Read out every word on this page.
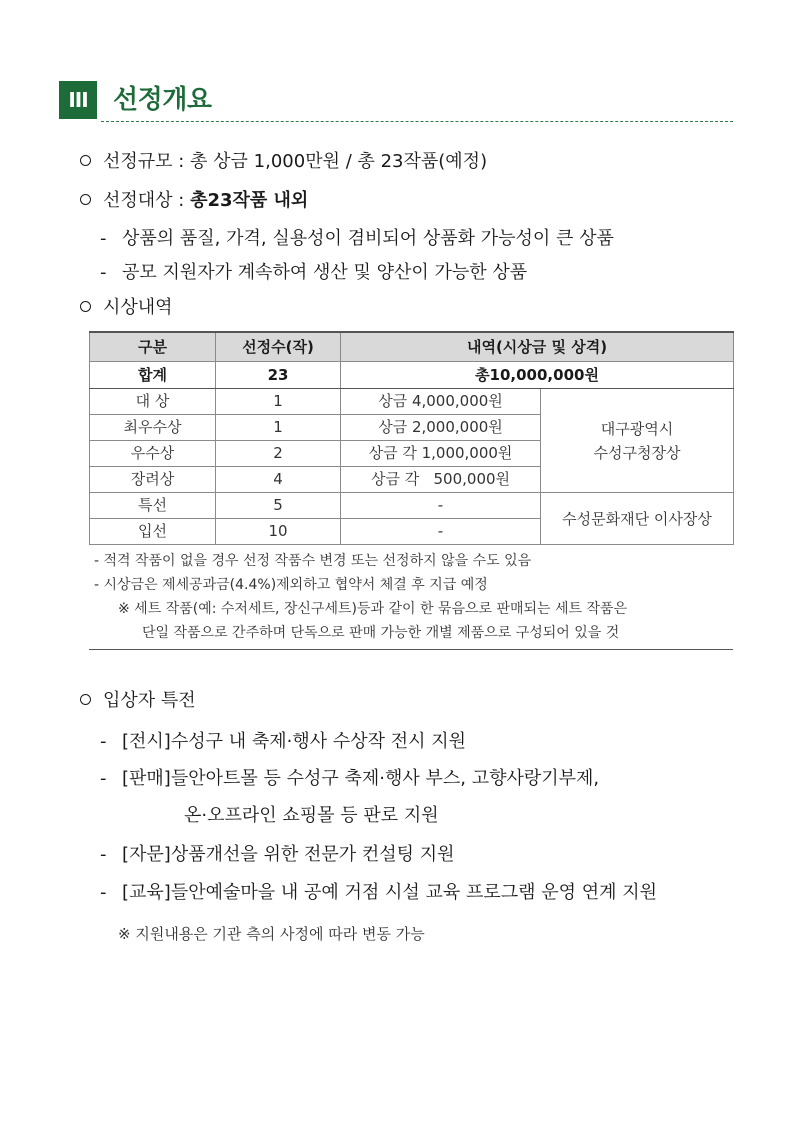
III 선정개요
선정규모 : 총 상금 1,000만원 / 총 23작품(예정)
선정대상 : 총23작품 내외
- 상품의 품질, 가격, 실용성이 겸비되어 상품화 가능성이 큰 상품
- 공모 지원자가 계속하여 생산 및 양산이 가능한 상품
시상내역
구분	선정수(작)	내역(시상금 및 상격)	
합계	23	총10,000,000원	
대 상	1	상금 4,000,000원	대구광역시
수성구청장상
최우수상	1	상금 2,000,000원	
우수상	2	상금 각 1,000,000원	
장려상	4	상금 각   500,000원	
특선	5	-	수성문화재단 이사장상
입선	10	-	
- 적격 작품이 없을 경우 선정 작품수 변경 또는 선정하지 않을 수도 있음
- 시상금은 제세공과금(4.4%)제외하고 협약서 체결 후 지급 예정
※ 세트 작품(예: 수저세트, 장신구세트)등과 같이 한 묶음으로 판매되는 세트 작품은
단일 작품으로 간주하며 단독으로 판매 가능한 개별 제품으로 구성되어 있을 것
입상자 특전
- [전시]수성구 내 축제·행사 수상작 전시 지원
- [판매]들안아트몰 등 수성구 축제·행사 부스, 고향사랑기부제,
온·오프라인 쇼핑몰 등 판로 지원
- [자문]상품개선을 위한 전문가 컨설팅 지원
- [교육]들안예술마을 내 공예 거점 시설 교육 프로그램 운영 연계 지원
※ 지원내용은 기관 측의 사정에 따라 변동 가능
